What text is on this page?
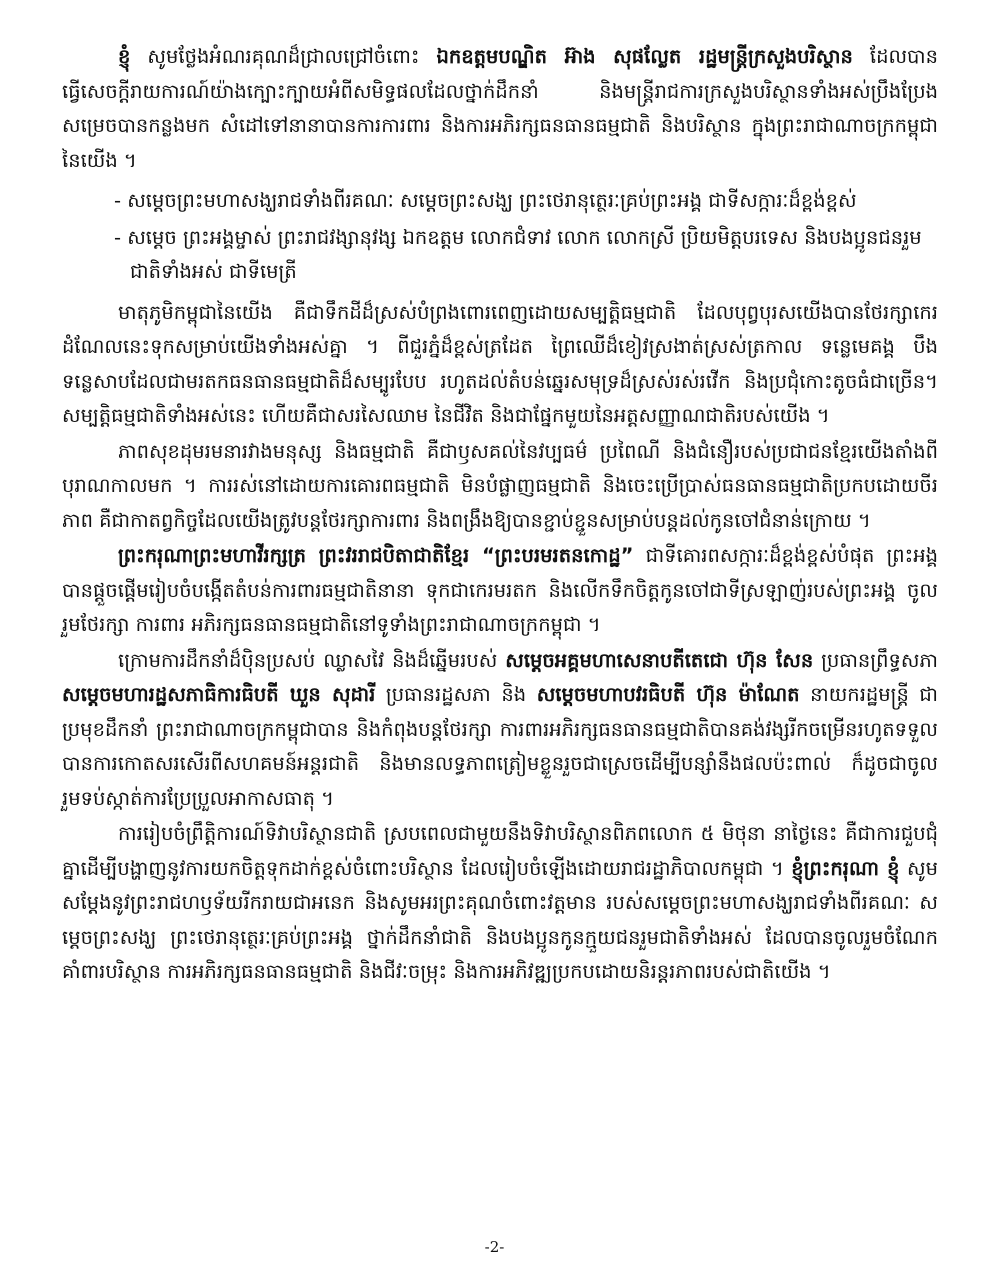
ខ្ញុំ សូមថ្លែងអំណរគុណដ៏ជ្រាលជ្រៅចំពោះ ឯកឧត្តមបណ្ឌិត អ៊ាង សុផល្លែត រដ្ឋមន្ត្រីក្រសួងបរិស្ថាន ដែលបានធ្វើសេចក្តីរាយការណ៍យ៉ាងក្បោះក្បាយអំពីសមិទ្ធផលដែលថ្នាក់ដឹកនាំ និងមន្ត្រីរាជការក្រសួងបរិស្ថានទាំងអស់ប្រឹងប្រែងសម្រេចបានកន្លងមក សំដៅទៅនានាបានការការពារ និងការអភិរក្សធនធានធម្មជាតិ និងបរិស្ថាន ក្នុងព្រះរាជាណាចក្រកម្ពុជានៃយើង ។

- សម្តេចព្រះមហាសង្ឃរាជទាំងពីរគណៈ សម្តេចព្រះសង្ឃ ព្រះថេរានុត្ថេរៈគ្រប់ព្រះអង្គ ជាទីសក្ការៈដ៏ខ្ពង់ខ្ពស់
- សម្តេច ព្រះអង្គម្ចាស់ ព្រះរាជវង្សានុវង្ស ឯកឧត្តម លោកជំទាវ លោក លោកស្រី ប្រិយមិត្តបរទេស និងបងប្អូនជនរួមជាតិទាំងអស់ ជាទីមេត្រី

មាតុភូមិកម្ពុជានៃយើង គឺជាទឹកដីដ៏ស្រស់បំព្រងពោរពេញដោយសម្បត្តិធម្មជាតិ ដែលបុព្វបុរសយើងបានថែរក្សាកេរដំណែលនេះទុកសម្រាប់យើងទាំងអស់គ្នា ។ ពីជួរភ្នំដ៏ខ្ពស់ត្រដែត ព្រៃឈើដ៏ខៀវស្រងាត់ស្រស់ត្រកាល ទន្លេមេគង្គ បឹងទន្លេសាបដែលជាមរតកធនធានធម្មជាតិដ៏សម្បូរបែប រហូតដល់តំបន់ឆ្នេរសមុទ្រដ៏ស្រស់រស់រវើក និងប្រជុំកោះតូចធំជាច្រើន។ សម្បត្តិធម្មជាតិទាំងអស់នេះ ហើយគឺជាសរសៃឈាម នៃជីវិត និងជាផ្នែកមួយនៃអត្តសញ្ញាណជាតិរបស់យើង ។

ភាពសុខដុមរមនារវាងមនុស្ស និងធម្មជាតិ គឺជាឫសគល់នៃវប្បធម៌ ប្រពៃណី និងជំនឿរបស់ប្រជាជនខ្មែរយើងតាំងពីបុរាណកាលមក ។ ការរស់នៅដោយការគោរពធម្មជាតិ មិនបំផ្លាញធម្មជាតិ និងចេះប្រើប្រាស់ធនធានធម្មជាតិប្រកបដោយចីរភាព គឺជាកាតព្វកិច្ចដែលយើងត្រូវបន្តថែរក្សាការពារ និងពង្រឹងឱ្យបានខ្ជាប់ខ្ជួនសម្រាប់បន្តដល់កូនចៅជំនាន់ក្រោយ ។

ព្រះករុណាព្រះមហាវីរក្សត្រ ព្រះវររាជបិតាជាតិខ្មែរ “ព្រះបរមរតនកោដ្ឋ” ជាទីគោរពសក្ការៈដ៏ខ្ពង់ខ្ពស់បំផុត ព្រះអង្គបានផ្តួចផ្តើមរៀបចំបង្កើតតំបន់ការពារធម្មជាតិនានា ទុកជាកេរមរតក និងលើកទឹកចិត្តកូនចៅជាទីស្រឡាញ់របស់ព្រះអង្គ ចូលរួមថែរក្សា ការពារ អភិរក្សធនធានធម្មជាតិនៅទូទាំងព្រះរាជាណាចក្រកម្ពុជា ។

ក្រោមការដឹកនាំដ៏ប៉ិនប្រសប់ ឈ្លាសវៃ និងដ៏ឆ្នើមរបស់ សម្តេចអគ្គមហាសេនាបតីតេជោ ហ៊ុន សែន ប្រធានព្រឹទ្ធសភា សម្តេចមហារដ្ឋសភាធិការធិបតី ឃួន សុដារី ប្រធានរដ្ឋសភា និង សម្តេចមហាបវរធិបតី ហ៊ុន ម៉ាណែត នាយករដ្ឋមន្ត្រី ជាប្រមុខដឹកនាំ ព្រះរាជាណាចក្រកម្ពុជាបាន និងកំពុងបន្តថែរក្សា ការពារអភិរក្សធនធានធម្មជាតិបានគង់វង្សរីកចម្រើនរហូតទទួលបានការកោតសរសើរពីសហគមន៍អន្តរជាតិ និងមានលទ្ធភាពត្រៀមខ្លួនរួចជាស្រេចដើម្បីបន្សាំនឹងផលប៉ះពាល់ ក៏ដូចជាចូលរួមទប់ស្កាត់ការប្រែប្រួលអាកាសធាតុ ។

ការរៀបចំព្រឹត្តិការណ៍ទិវាបរិស្ថានជាតិ ស្របពេលជាមួយនឹងទិវាបរិស្ថានពិភពលោក ៥ មិថុនា នាថ្ងៃនេះ គឺជាការជួបជុំគ្នាដើម្បីបង្ហាញនូវការយកចិត្តទុកដាក់ខ្ពស់ចំពោះបរិស្ថាន ដែលរៀបចំឡើងដោយរាជរដ្ឋាភិបាលកម្ពុជា ។ ខ្ញុំព្រះករុណា ខ្ញុំ សូមសម្តែងនូវព្រះរាជហឫទ័យរីករាយជាអនេក និងសូមអរព្រះគុណចំពោះវត្តមាន របស់សម្តេចព្រះមហាសង្ឃរាជទាំងពីរគណៈ សម្តេចព្រះសង្ឃ ព្រះថេរានុត្ថេរៈគ្រប់ព្រះអង្គ ថ្នាក់ដឹកនាំជាតិ និងបងប្អូនកូនក្មួយជនរួមជាតិទាំងអស់ ដែលបានចូលរួមចំណែកគាំពារបរិស្ថាន ការអភិរក្សធនធានធម្មជាតិ និងជីវៈចម្រុះ និងការអភិវឌ្ឍប្រកបដោយនិរន្តរភាពរបស់ជាតិយើង ។

-2-
